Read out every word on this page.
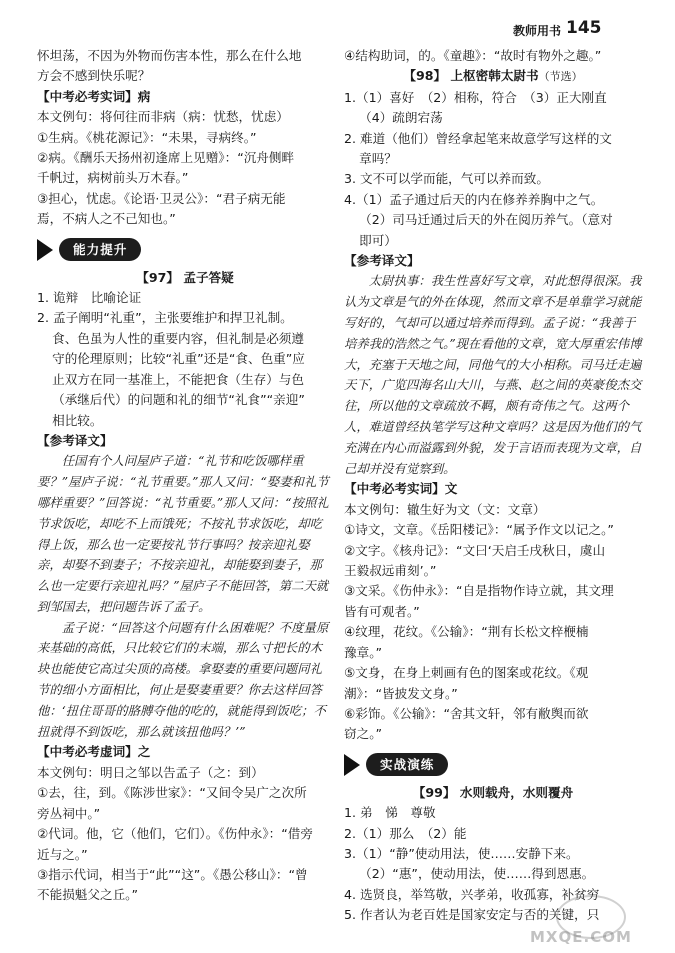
教师用书 145

怀坦荡，不因为外物而伤害本性，那么在什么地

方会不感到快乐呢？

【中考必考实词】病

本文例句：将何往而非病（病：忧愁，忧虑）

①生病。《桃花源记》：“未果，寻病终。”

②病。《酬乐天扬州初逢席上见赠》：“沉舟侧畔

千帆过，病树前头万木春。”

③担心，忧虑。《论语·卫灵公》：“君子病无能

焉，不病人之不己知也。”

能力提升

【97】 孟子答疑

1. 诡辩　比喻论证

2. 孟子阐明“礼重”，主张要维护和捍卫礼制。

食、色虽为人性的重要内容，但礼制是必须遵

守的伦理原则；比较“礼重”还是“食、色重”应

止双方在同一基准上，不能把食（生存）与色

（承继后代）的问题和礼的细节“礼食”“亲迎”

相比较。

【参考译文】

任国有个人问屋庐子道：“礼节和吃饭哪样重要？”屋庐子说：“礼节重要。”那人又问：“娶妻和礼节哪样重要？”回答说：“礼节重要。”那人又问：“按照礼节求饭吃，却吃不上而饿死；不按礼节求饭吃，却吃得上饭，那么也一定要按礼节行事吗？按亲迎礼娶亲，却娶不到妻子；不按亲迎礼，却能娶到妻子，那么也一定要行亲迎礼吗？”屋庐子不能回答，第二天就到邹国去，把问题告诉了孟子。

孟子说：“回答这个问题有什么困难呢？不度量原来基础的高低，只比较它们的末端，那么寸把长的木块也能使它高过尖顶的高楼。拿娶妻的重要问题同礼节的细小方面相比，何止是娶妻重要？你去这样回答他：‘扭住哥哥的胳膊夺他的吃的，就能得到饭吃；不扭就得不到饭吃，那么就该扭他吗？’”

【中考必考虚词】之

本文例句：明日之邹以告孟子（之：到）

①去，往，到。《陈涉世家》：“又间令吴广之次所

旁丛祠中。”

②代词。他，它（他们，它们）。《伤仲永》：“借旁

近与之。”

③指示代词，相当于“此”“这”。《愚公移山》：“曾

不能损魁父之丘。”

④结构助词，的。《童趣》：“故时有物外之趣。”

【98】 上枢密韩太尉书（节选）

1.（1）喜好　（2）相称，符合　（3）正大刚直

（4）疏朗宕荡

2. 难道（他们）曾经拿起笔来故意学写这样的文

章吗？

3. 文不可以学而能，气可以养而致。

4.（1）孟子通过后天的内在修养养胸中之气。

（2）司马迁通过后天的外在阅历养气。（意对

即可）

【参考译文】

太尉执事：我生性喜好写文章，对此想得很深。我认为文章是气的外在体现，然而文章不是单靠学习就能写好的，气却可以通过培养而得到。孟子说：“我善于培养我的浩然之气。”现在看他的文章，宽大厚重宏伟博大，充塞于天地之间，同他气的大小相称。司马迁走遍天下，广览四海名山大川，与燕、赵之间的英豪俊杰交往，所以他的文章疏放不羁，颇有奇伟之气。这两个人，难道曾经执笔学写这种文章吗？这是因为他们的气充满在内心而溢露到外貌，发于言语而表现为文章，自己却并没有觉察到。

【中考必考实词】文

本文例句：辙生好为文（文：文章）

①诗文，文章。《岳阳楼记》：“属予作文以记之。”

②文字。《核舟记》：“文曰‘天启壬戌秋日，虞山

王毅叔远甫刻’。”

③文采。《伤仲永》：“自是指物作诗立就，其文理

皆有可观者。”

④纹理，花纹。《公输》：“荆有长松文梓楩楠

豫章。”

⑤文身，在身上刺画有色的图案或花纹。《观

潮》：“皆披发文身。”

⑥彩饰。《公输》：“舍其文轩，邻有敝舆而欲

窃之。”

实战演练

【99】 水则载舟，水则覆舟

1. 弟　悌　尊敬

2.（1）那么　（2）能

3.（1）“静”使动用法，使……安静下来。

（2）“惠”，使动用法，使……得到恩惠。

4. 选贤良，举笃敬，兴孝弟，收孤寡，补贫穷

5. 作者认为老百姓是国家安定与否的关键，只

MXQE.COM
